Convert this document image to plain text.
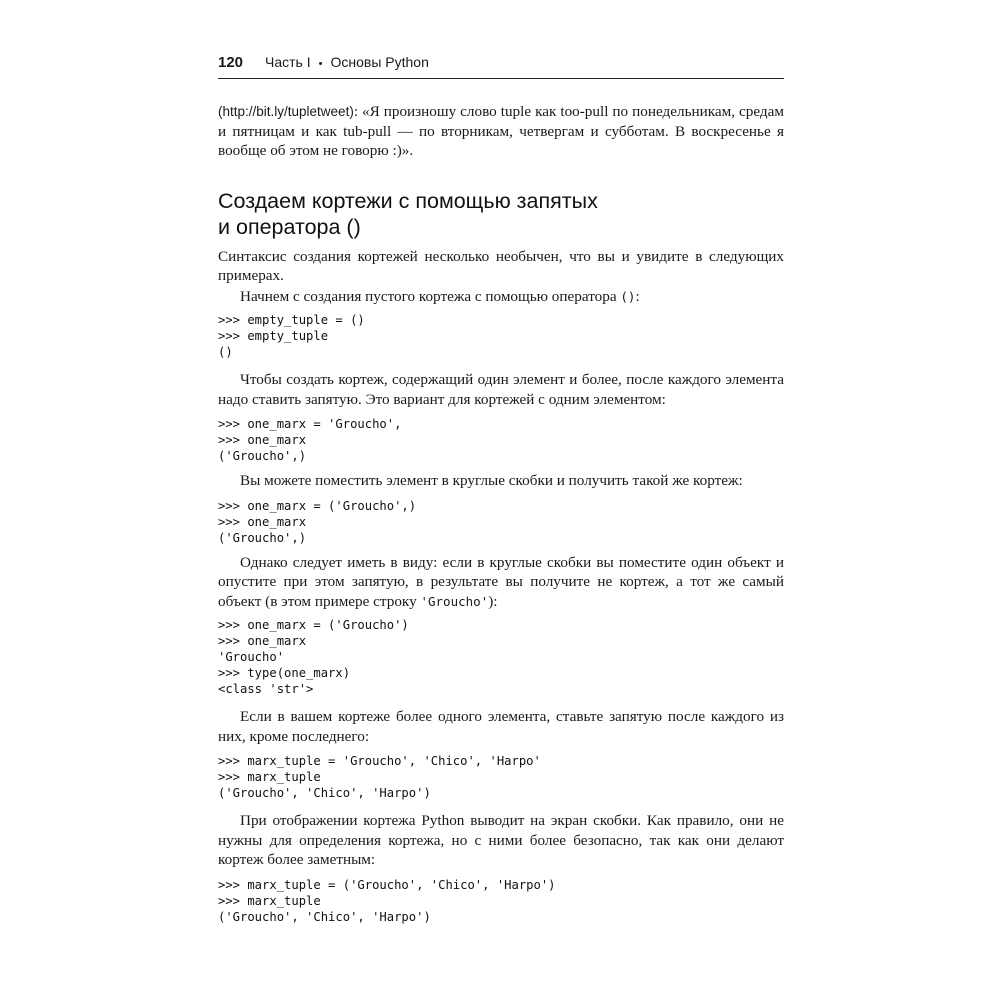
120 Часть I • Основы Python

(http://bit.ly/tupletweet): «Я произношу слово tuple как too-pull по понедельникам, средам и пятницам и как tub-pull — по вторникам, четвергам и субботам. В воскресенье я вообще об этом не говорю :)».

Создаем кортежи с помощью запятых
и оператора ()

Синтаксис создания кортежей несколько необычен, что вы и увидите в следующих примерах.

Начнем с создания пустого кортежа с помощью оператора ():

>>> empty_tuple = ()
>>> empty_tuple
()

Чтобы создать кортеж, содержащий один элемент и более, после каждого элемента надо ставить запятую. Это вариант для кортежей с одним элементом:

>>> one_marx = 'Groucho',
>>> one_marx
('Groucho',)

Вы можете поместить элемент в круглые скобки и получить такой же кортеж:

>>> one_marx = ('Groucho',)
>>> one_marx
('Groucho',)

Однако следует иметь в виду: если в круглые скобки вы поместите один объект и опустите при этом запятую, в результате вы получите не кортеж, а тот же самый объект (в этом примере строку 'Groucho'):

>>> one_marx = ('Groucho')
>>> one_marx
'Groucho'
>>> type(one_marx)
<class 'str'>

Если в вашем кортеже более одного элемента, ставьте запятую после каждого из них, кроме последнего:

>>> marx_tuple = 'Groucho', 'Chico', 'Harpo'
>>> marx_tuple
('Groucho', 'Chico', 'Harpo')

При отображении кортежа Python выводит на экран скобки. Как правило, они не нужны для определения кортежа, но с ними более безопасно, так как они делают кортеж более заметным:

>>> marx_tuple = ('Groucho', 'Chico', 'Harpo')
>>> marx_tuple
('Groucho', 'Chico', 'Harpo')
